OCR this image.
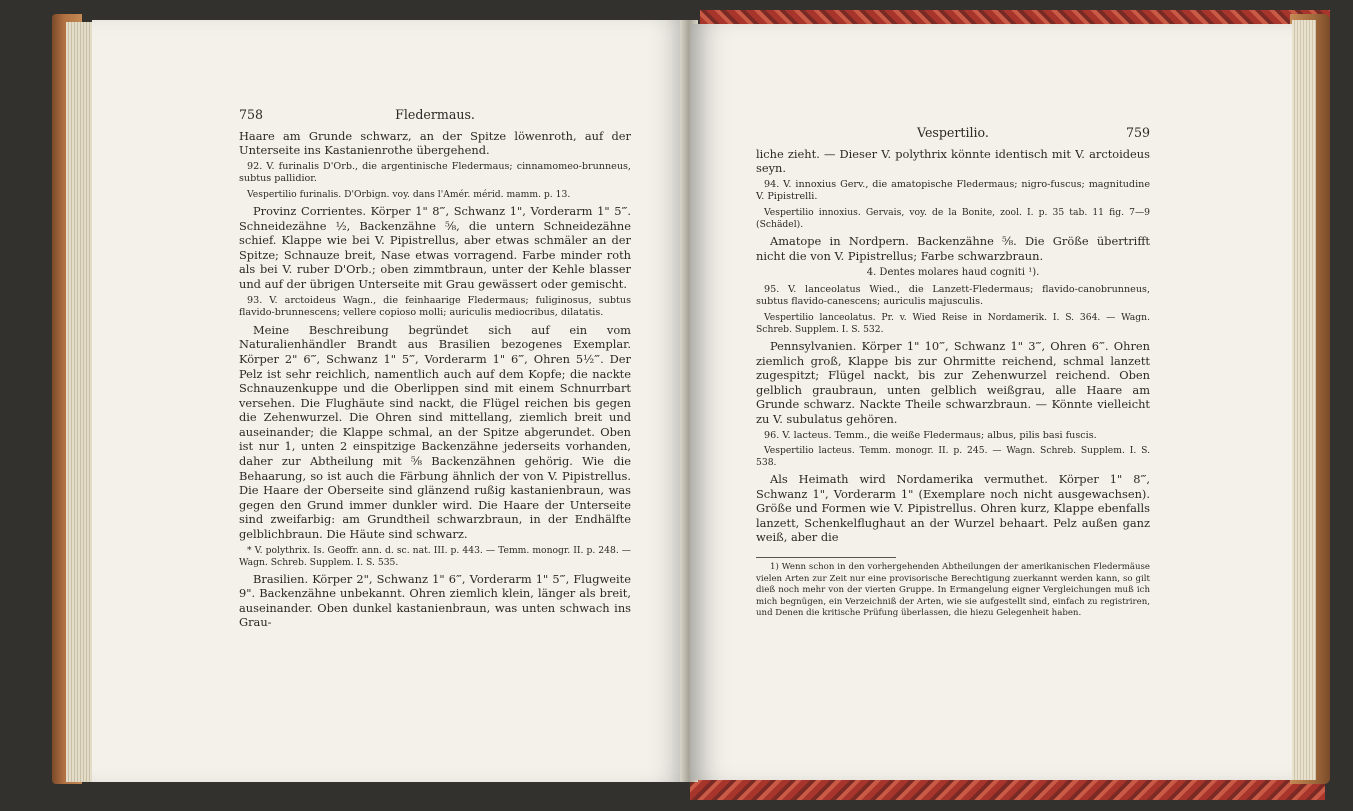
758	Fledermaus.

Haare am Grunde schwarz, an der Spitze löwenroth, auf der Unterseite ins Kastanienrothe übergehend.

92. V. furinalis D'Orb., die argentinische Fledermaus; cinnamomeo-brunneus, subtus pallidior.

Vespertilio furinalis. D'Orbign. voy. dans l'Amér. mérid. mamm. p. 13.

Provinz Corrientes. Körper 1" 8‴, Schwanz 1", Vorderarm 1" 5‴. Schneidezähne ½, Backenzähne ⅝, die untern Schneidezähne schief. Klappe wie bei V. Pipistrellus, aber etwas schmäler an der Spitze; Schnauze breit, Nase etwas vorragend. Farbe minder roth als bei V. ruber D'Orb.; oben zimmtbraun, unter der Kehle blasser und auf der übrigen Unterseite mit Grau gewässert oder gemischt.

93. V. arctoideus Wagn., die feinhaarige Fledermaus; fuliginosus, subtus flavido-brunnescens; vellere copioso molli; auriculis mediocribus, dilatatis.

Meine Beschreibung begründet sich auf ein vom Naturalienhändler Brandt aus Brasilien bezogenes Exemplar. Körper 2" 6‴, Schwanz 1" 5‴, Vorderarm 1" 6‴, Ohren 5½‴. Der Pelz ist sehr reichlich, namentlich auch auf dem Kopfe; die nackte Schnauzenkuppe und die Oberlippen sind mit einem Schnurrbart versehen. Die Flughäute sind nackt, die Flügel reichen bis gegen die Zehenwurzel. Die Ohren sind mittellang, ziemlich breit und auseinander; die Klappe schmal, an der Spitze abgerundet. Oben ist nur 1, unten 2 einspitzige Backenzähne jederseits vorhanden, daher zur Abtheilung mit ⅝ Backenzähnen gehörig. Wie die Behaarung, so ist auch die Färbung ähnlich der von V. Pipistrellus. Die Haare der Oberseite sind glänzend rußig kastanienbraun, was gegen den Grund immer dunkler wird. Die Haare der Unterseite sind zweifarbig: am Grundtheil schwarzbraun, in der Endhälfte gelblichbraun. Die Häute sind schwarz.

* V. polythrix. Is. Geoffr. ann. d. sc. nat. III. p. 443. — Temm. monogr. II. p. 248. — Wagn. Schreb. Supplem. I. S. 535.

Brasilien. Körper 2", Schwanz 1" 6‴, Vorderarm 1" 5‴, Flugweite 9". Backenzähne unbekannt. Ohren ziemlich klein, länger als breit, auseinander. Oben dunkel kastanienbraun, was unten schwach ins Grau-

Vespertilio.	759

liche zieht. — Dieser V. polythrix könnte identisch mit V. arctoideus seyn.

94. V. innoxius Gerv., die amatopische Fledermaus; nigro-fuscus; magnitudine V. Pipistrelli.

Vespertilio innoxius. Gervais, voy. de la Bonite, zool. I. p. 35 tab. 11 fig. 7—9 (Schädel).

Amatope in Nordpern. Backenzähne ⅝. Die Größe übertrifft nicht die von V. Pipistrellus; Farbe schwarzbraun.

4. Dentes molares haud cogniti ¹).

95. V. lanceolatus Wied., die Lanzett-Fledermaus; flavido-canobrunneus, subtus flavido-canescens; auriculis majusculis.

Vespertilio lanceolatus. Pr. v. Wied Reise in Nordamerik. I. S. 364. — Wagn. Schreb. Supplem. I. S. 532.

Pennsylvanien. Körper 1" 10‴, Schwanz 1" 3‴, Ohren 6‴. Ohren ziemlich groß, Klappe bis zur Ohrmitte reichend, schmal lanzett zugespitzt; Flügel nackt, bis zur Zehenwurzel reichend. Oben gelblich graubraun, unten gelblich weißgrau, alle Haare am Grunde schwarz. Nackte Theile schwarzbraun. — Könnte vielleicht zu V. subulatus gehören.

96. V. lacteus. Temm., die weiße Fledermaus; albus, pilis basi fuscis.

Vespertilio lacteus. Temm. monogr. II. p. 245. — Wagn. Schreb. Supplem. I. S. 538.

Als Heimath wird Nordamerika vermuthet. Körper 1" 8‴, Schwanz 1", Vorderarm 1" (Exemplare noch nicht ausgewachsen). Größe und Formen wie V. Pipistrellus. Ohren kurz, Klappe ebenfalls lanzett, Schenkelflughaut an der Wurzel behaart. Pelz außen ganz weiß, aber die

1) Wenn schon in den vorhergehenden Abtheilungen der amerikanischen Fledermäuse vielen Arten zur Zeit nur eine provisorische Berechtigung zuerkannt werden kann, so gilt dieß noch mehr von der vierten Gruppe. In Ermangelung eigner Vergleichungen muß ich mich begnügen, ein Verzeichniß der Arten, wie sie aufgestellt sind, einfach zu registriren, und Denen die kritische Prüfung überlassen, die hiezu Gelegenheit haben.
